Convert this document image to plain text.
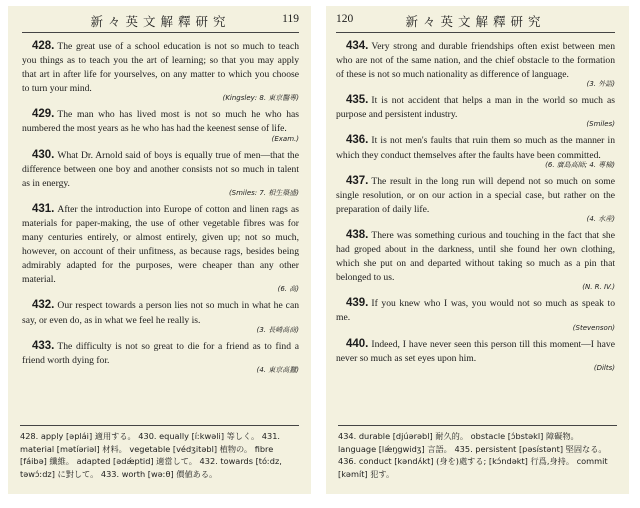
新々英文解釋研究	119

428. The great use of a school education is not so much to teach you things as to teach you the art of learning; so that you may apply that art in after life for yourselves, on any matter to which you choose to turn your mind.
(Kingsley: 8. 東京醫專)

429. The man who has lived most is not so much he who has numbered the most years as he who has had the keenest sense of life.
(Exam.)

430. What Dr. Arnold said of boys is equally true of men—that the difference between one boy and another consists not so much in talent as in energy.
(Smiles: 7. 相生築盛)

431. After the introduction into Europe of cotton and linen rags as materials for paper-making, the use of other vegetable fibres was for many centuries entirely, or almost entirely, given up; not so much, however, on account of their unfitness, as because rags, besides being admirably adapted for the purposes, were cheaper than any other material.
(6. 高)

432. Our respect towards a person lies not so much in what he can say, or even do, as in what we feel he really is.
(3. 長崎高商)

433. The difficulty is not so great to die for a friend as to find a friend worth dying for.
(4. 東京高蠶)

428. apply [əplái] 適用する。 430. equally [íːkwəli] 等しく。 431.
material [mətíəriəl] 材料。 vegetable [védʒitəbl] 植物の。 fibre
[fáibə] 纖維。 adapted [ədǽptid] 適當して。 432. towards [tóːdz,
təwɔ́ːdz] に對して。 433. worth [wəːθ] 價値ある。
120	新々英文解釋研究

434. Very strong and durable friendships often exist between men who are not of the same nation, and the chief obstacle to the formation of these is not so much nationality as difference of language.
(3. 外語)

435. It is not accident that helps a man in the world so much as purpose and persistent industry.
(Smiles)

436. It is not men's faults that ruin them so much as the manner in which they conduct themselves after the faults have been committed.
(6. 廣島高師; 4. 專檢)

437. The result in the long run will depend not so much on some single resolution, or on our action in a special case, but rather on the preparation of daily life.
(4. 水産)

438. There was something curious and touching in the fact that she had groped about in the darkness, until she found her own clothing, which she put on and departed without taking so much as a pin that belonged to us.
(N. R. IV.)

439. If you knew who I was, you would not so much as speak to me.
(Stevenson)

440. Indeed, I have never seen this person till this moment—I have never so much as set eyes upon him.
(Dilts)

434. durable [djúərəbl] 耐久的。 obstacle [ɔ́bstəkl] 障礙物。 language [lǽŋgwidʒ] 言語。 435. persistent [pəsístənt] 堅固なる。 436. conduct [kəndʌ́kt] (身を)處する; [kɔ́ndəkt] 行爲,身持。 commit [kəmít] 犯す。
